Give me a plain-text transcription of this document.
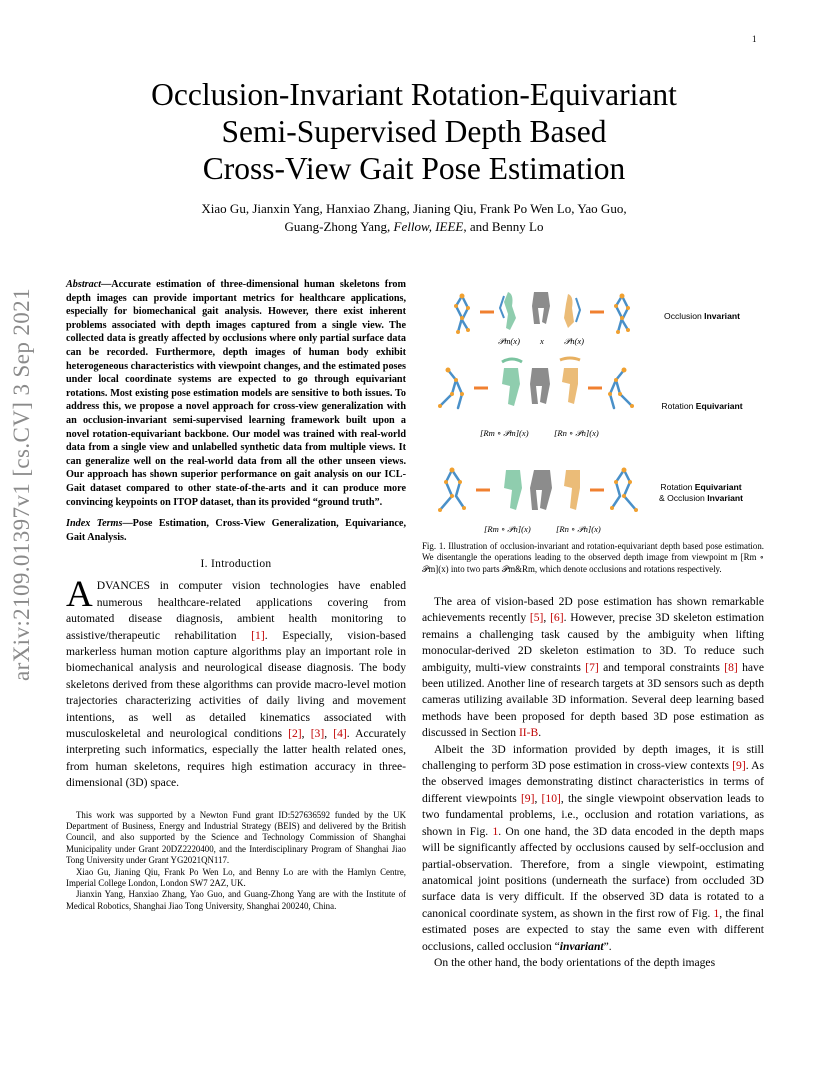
1
arXiv:2109.01397v1 [cs.CV] 3 Sep 2021
Occlusion-Invariant Rotation-Equivariant
Semi-Supervised Depth Based
Cross-View Gait Pose Estimation
Xiao Gu, Jianxin Yang, Hanxiao Zhang, Jianing Qiu, Frank Po Wen Lo, Yao Guo,
Guang-Zhong Yang, Fellow, IEEE, and Benny Lo

Abstract—Accurate estimation of three-dimensional human skeletons from depth images can provide important metrics for healthcare applications, especially for biomechanical gait analysis. However, there exist inherent problems associated with depth images captured from a single view. The collected data is greatly affected by occlusions where only partial surface data can be recorded. Furthermore, depth images of human body exhibit heterogeneous characteristics with viewpoint changes, and the estimated poses under local coordinate systems are expected to go through equivariant rotations. Most existing pose estimation models are sensitive to both issues. To address this, we propose a novel approach for cross-view generalization with an occlusion-invariant semi-supervised learning framework built upon a novel rotation-equivariant backbone. Our model was trained with real-world data from a single view and unlabelled synthetic data from multiple views. It can generalize well on the real-world data from all the other unseen views. Our approach has shown superior performance on gait analysis on our ICL-Gait dataset compared to other state-of-the-arts and it can produce more convincing keypoints on ITOP dataset, than its provided “ground truth”.

Index Terms—Pose Estimation, Cross-View Generalization, Equivariance, Gait Analysis.

I. Introduction

ADVANCES in computer vision technologies have enabled numerous healthcare-related applications covering from automated disease diagnosis, ambient health monitoring to assistive/therapeutic rehabilitation [1]. Especially, vision-based markerless human motion capture algorithms play an important role in biomechanical analysis and neurological disease diagnosis. The body skeletons derived from these algorithms can provide macro-level motion trajectories characterizing activities of daily living and movement intentions, as well as detailed kinematics associated with musculoskeletal and neurological conditions [2], [3], [4]. Accurately interpreting such informatics, especially the latter health related ones, from human skeletons, requires high estimation accuracy in three-dimensional (3D) space.

This work was supported by a Newton Fund grant ID:527636592 funded by the UK Department of Business, Energy and Industrial Strategy (BEIS) and delivered by the British Council, and also supported by the Science and Technology Commission of Shanghai Municipality under Grant 20DZ2220400, and the Interdisciplinary Program of Shanghai Jiao Tong University under Grant YG2021QN117.

Xiao Gu, Jianing Qiu, Frank Po Wen Lo, and Benny Lo are with the Hamlyn Centre, Imperial College London, London SW7 2AZ, UK.

Jianxin Yang, Hanxiao Zhang, Yao Guo, and Guang-Zhong Yang are with the Institute of Medical Robotics, Shanghai Jiao Tong University, Shanghai 200240, China.

Occlusion Invariant
Rotation Equivariant
Rotation Equivariant
& Occlusion Invariant
𝒫m(x) x 𝒫n(x)
[Rm ∘ 𝒫m](x)	[Rn ∘ 𝒫n](x)
[Rm ∘ 𝒫n](x)	[Rn ∘ 𝒫n](x)
Fig. 1. Illustration of occlusion-invariant and rotation-equivariant depth based pose estimation. We disentangle the operations leading to the observed depth image from viewpoint m [Rm ∘ 𝒫m](x) into two parts 𝒫m&Rm, which denote occlusions and rotations respectively.

The area of vision-based 2D pose estimation has shown remarkable achievements recently [5], [6]. However, precise 3D skeleton estimation remains a challenging task caused by the ambiguity when lifting monocular-derived 2D skeleton estimation to 3D. To reduce such ambiguity, multi-view constraints [7] and temporal constraints [8] have been utilized. Another line of research targets at 3D sensors such as depth cameras utilizing available 3D information. Several deep learning based methods have been proposed for depth based 3D pose estimation as discussed in Section II-B.

Albeit the 3D information provided by depth images, it is still challenging to perform 3D pose estimation in cross-view contexts [9]. As the observed images demonstrating distinct characteristics in terms of different viewpoints [9], [10], the single viewpoint observation leads to two fundamental problems, i.e., occlusion and rotation variations, as shown in Fig. 1. On one hand, the 3D data encoded in the depth maps will be significantly affected by occlusions caused by self-occlusion and partial-observation. Therefore, from a single viewpoint, estimating anatomical joint positions (underneath the surface) from occluded 3D surface data is very difficult. If the observed 3D data is rotated to a canonical coordinate system, as shown in the first row of Fig. 1, the final estimated poses are expected to stay the same even with different occlusions, called occlusion “invariant”.

On the other hand, the body orientations of the depth images
